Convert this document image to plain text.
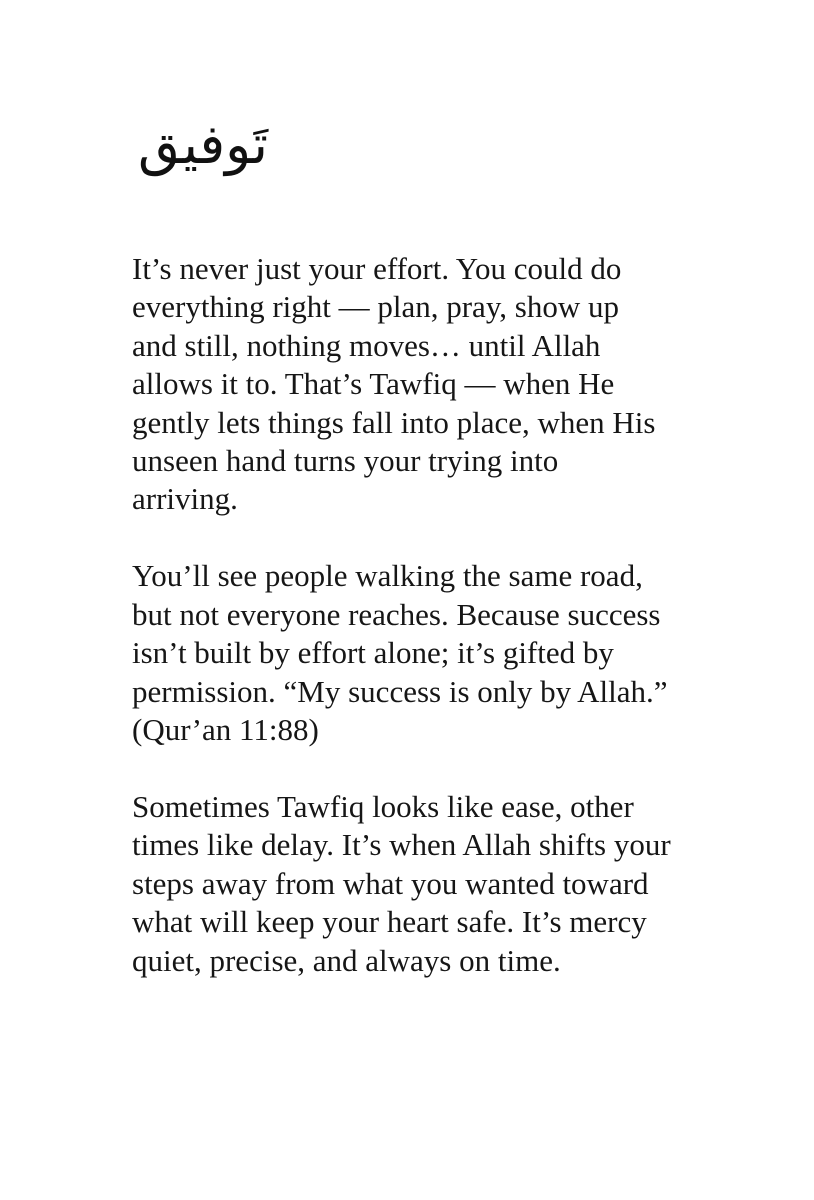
تَوفيق

It’s never just your effort. You could do
everything right — plan, pray, show up
and still, nothing moves… until Allah
allows it to. That’s Tawfiq — when He
gently lets things fall into place, when His
unseen hand turns your trying into
arriving.

You’ll see people walking the same road,
but not everyone reaches. Because success
isn’t built by effort alone; it’s gifted by
permission. “My success is only by Allah.”
(Qur’an 11:88)

Sometimes Tawfiq looks like ease, other
times like delay. It’s when Allah shifts your
steps away from what you wanted toward
what will keep your heart safe. It’s mercy
quiet, precise, and always on time.
